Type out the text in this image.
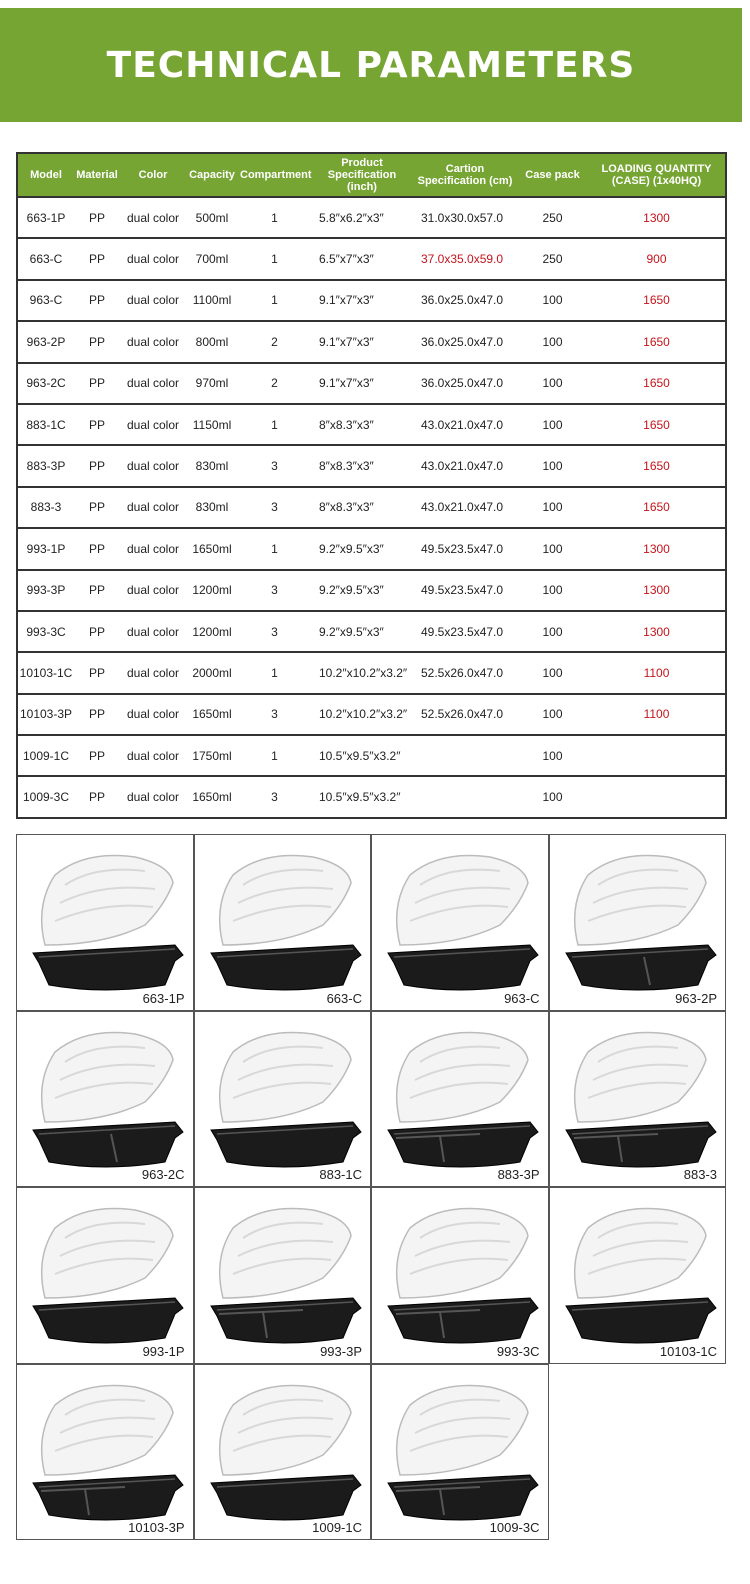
TECHNICAL PARAMETERS
Model	Material	Color	Capacity	Compartment	Product Specification (inch)	Cartion Specification (cm)	Case pack	LOADING QUANTITY (CASE) (1x40HQ)
663-1P	PP	dual color	500ml	1	5.8″x6.2″x3″	31.0x30.0x57.0	250	1300
663-C	PP	dual color	700ml	1	6.5″x7″x3″	37.0x35.0x59.0	250	900
963-C	PP	dual color	1100ml	1	9.1″x7″x3″	36.0x25.0x47.0	100	1650
963-2P	PP	dual color	800ml	2	9.1″x7″x3″	36.0x25.0x47.0	100	1650
963-2C	PP	dual color	970ml	2	9.1″x7″x3″	36.0x25.0x47.0	100	1650
883-1C	PP	dual color	1150ml	1	8″x8.3″x3″	43.0x21.0x47.0	100	1650
883-3P	PP	dual color	830ml	3	8″x8.3″x3″	43.0x21.0x47.0	100	1650
883-3	PP	dual color	830ml	3	8″x8.3″x3″	43.0x21.0x47.0	100	1650
993-1P	PP	dual color	1650ml	1	9.2″x9.5″x3″	49.5x23.5x47.0	100	1300
993-3P	PP	dual color	1200ml	3	9.2″x9.5″x3″	49.5x23.5x47.0	100	1300
993-3C	PP	dual color	1200ml	3	9.2″x9.5″x3″	49.5x23.5x47.0	100	1300
10103-1C	PP	dual color	2000ml	1	10.2″x10.2″x3.2″	52.5x26.0x47.0	100	1100
10103-3P	PP	dual color	1650ml	3	10.2″x10.2″x3.2″	52.5x26.0x47.0	100	1100
1009-1C	PP	dual color	1750ml	1	10.5″x9.5″x3.2″		100	
1009-3C	PP	dual color	1650ml	3	10.5″x9.5″x3.2″		100	
663-1P	663-C	963-C	963-2P
963-2C	883-1C	883-3P	883-3
993-1P	993-3P	993-3C	10103-1C
10103-3P	1009-1C	1009-3C
